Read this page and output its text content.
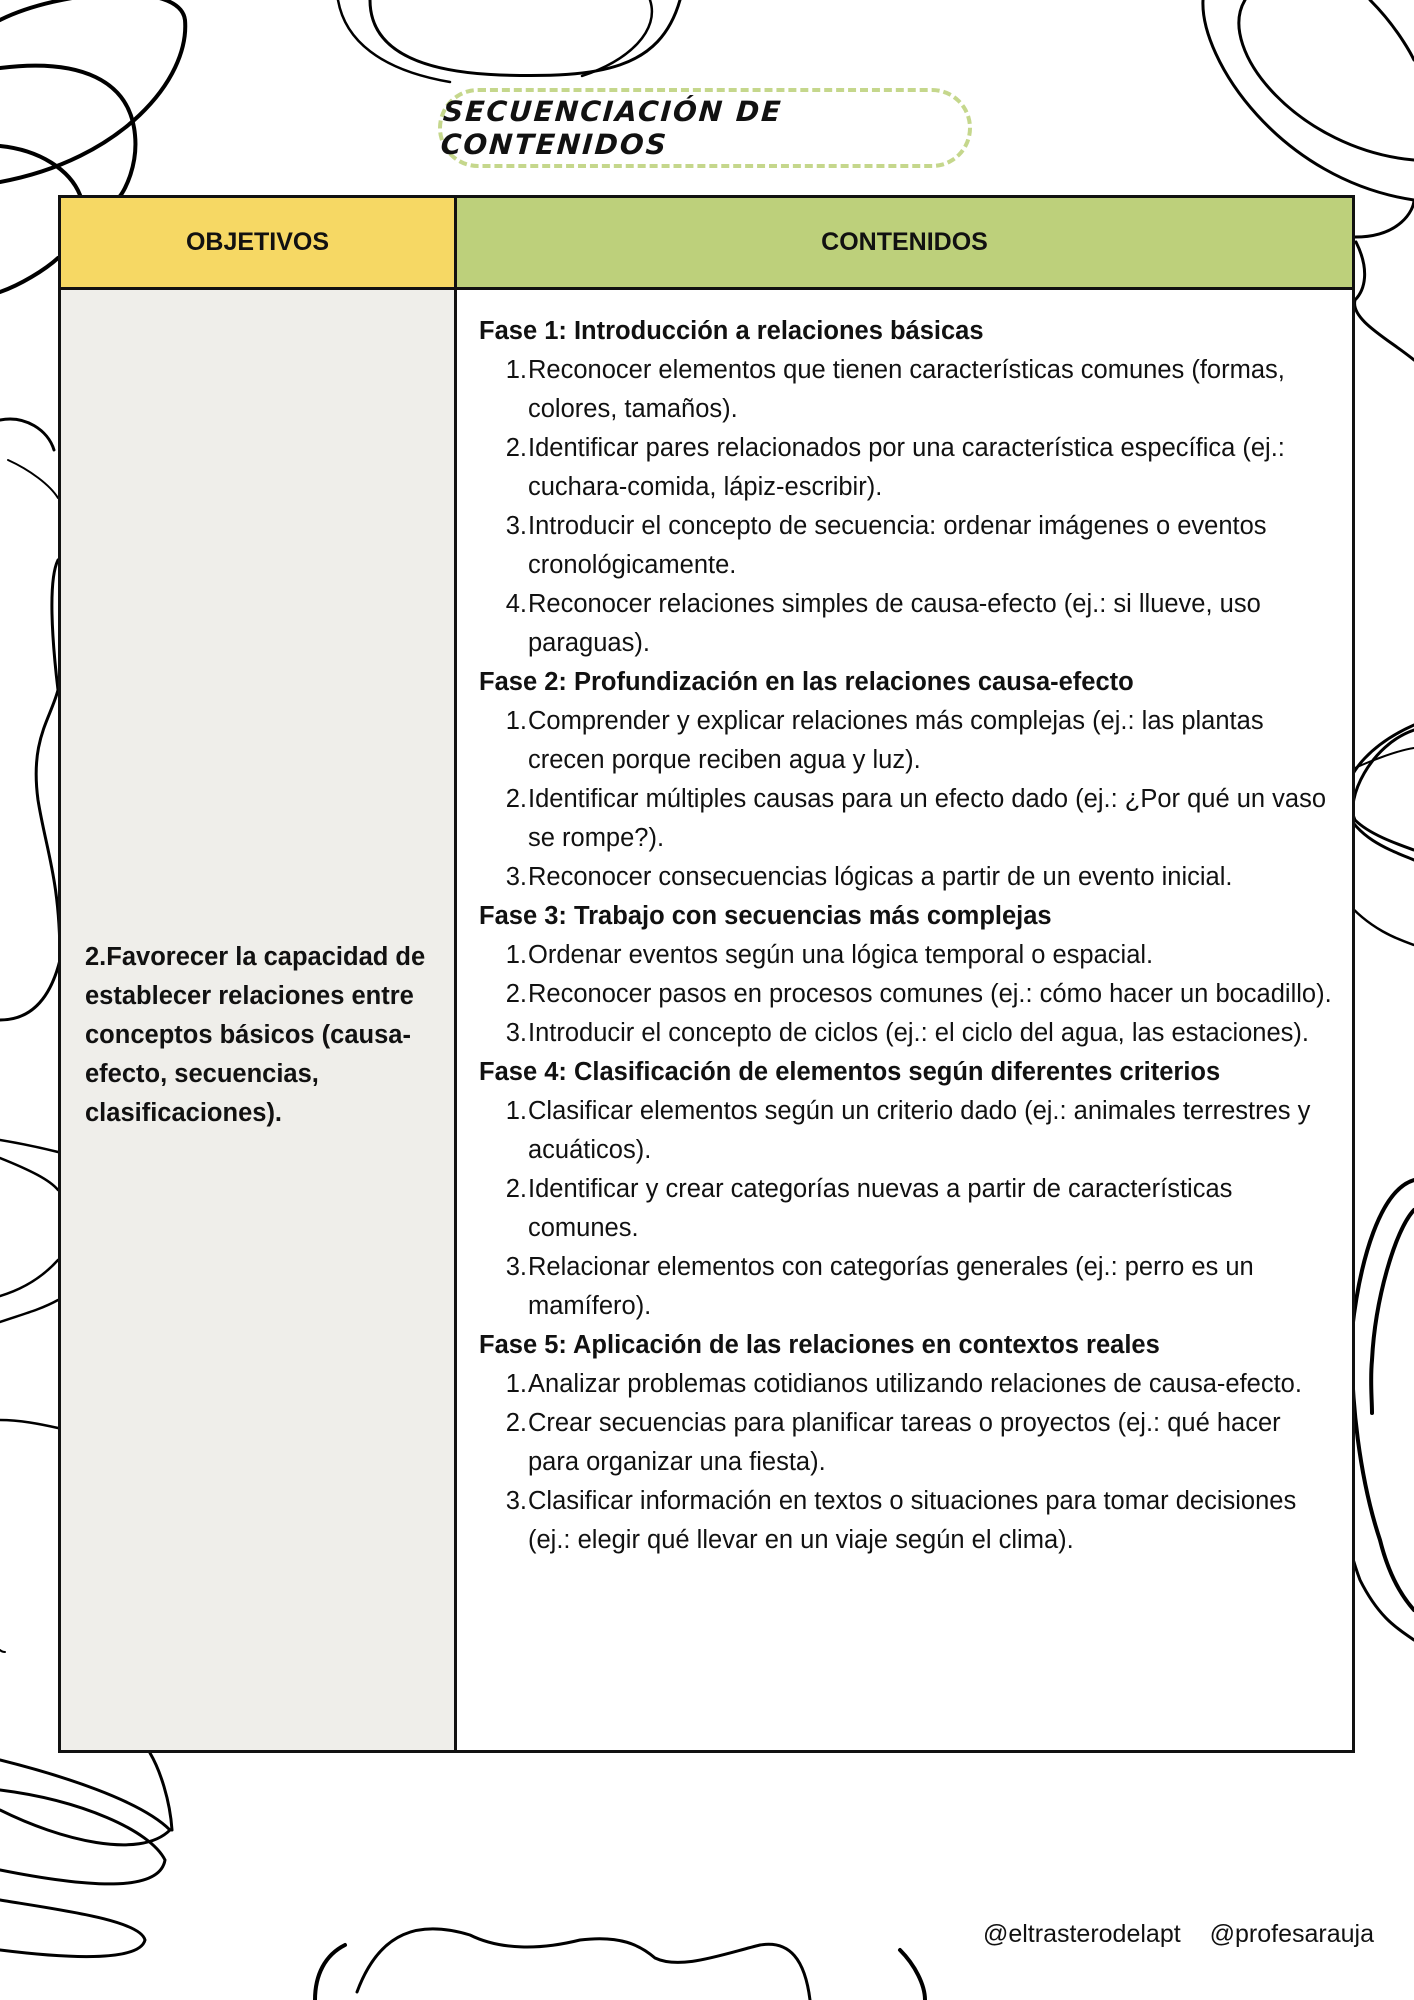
SECUENCIACIÓN DE CONTENIDOS
OBJETIVOS	CONTENIDOS

2.Favorecer la capacidad de establecer relaciones entre conceptos básicos (causa-efecto, secuencias, clasificaciones).

Fase 1: Introducción a relaciones básicas

1. Reconocer elementos que tienen características comunes (formas, colores, tamaños).
2. Identificar pares relacionados por una característica específica (ej.: cuchara-comida, lápiz-escribir).
3. Introducir el concepto de secuencia: ordenar imágenes o eventos cronológicamente.
4. Reconocer relaciones simples de causa-efecto (ej.: si llueve, uso paraguas).

Fase 2: Profundización en las relaciones causa-efecto

1. Comprender y explicar relaciones más complejas (ej.: las plantas crecen porque reciben agua y luz).
2. Identificar múltiples causas para un efecto dado (ej.: ¿Por qué un vaso se rompe?).
3. Reconocer consecuencias lógicas a partir de un evento inicial.

Fase 3: Trabajo con secuencias más complejas

1. Ordenar eventos según una lógica temporal o espacial.
2. Reconocer pasos en procesos comunes (ej.: cómo hacer un bocadillo).
3. Introducir el concepto de ciclos (ej.: el ciclo del agua, las estaciones).

Fase 4: Clasificación de elementos según diferentes criterios

1. Clasificar elementos según un criterio dado (ej.: animales terrestres y acuáticos).
2. Identificar y crear categorías nuevas a partir de características comunes.
3. Relacionar elementos con categorías generales (ej.: perro es un mamífero).

Fase 5: Aplicación de las relaciones en contextos reales

1. Analizar problemas cotidianos utilizando relaciones de causa-efecto.
2. Crear secuencias para planificar tareas o proyectos (ej.: qué hacer para organizar una fiesta).
3. Clasificar información en textos o situaciones para tomar decisiones (ej.: elegir qué llevar en un viaje según el clima).
@eltrasterodelapt @profesarauja
